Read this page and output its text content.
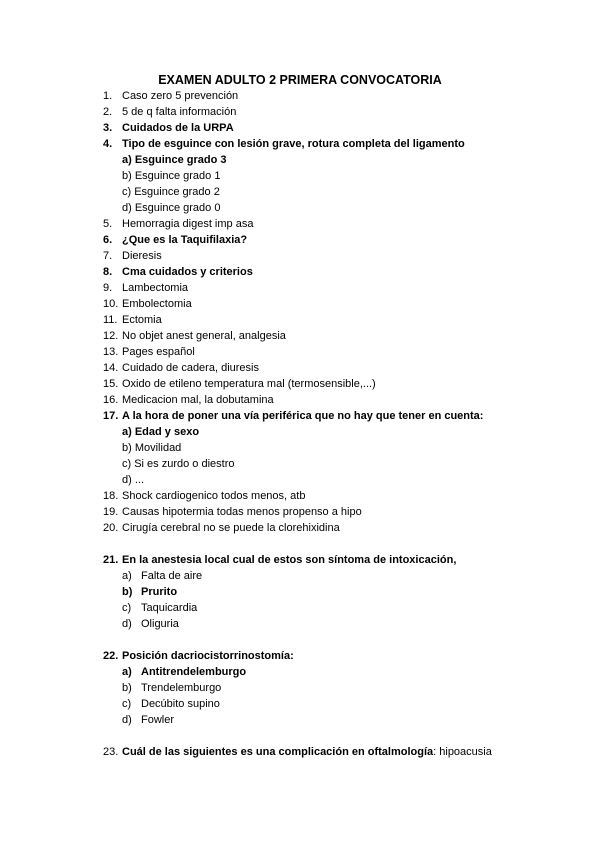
EXAMEN ADULTO 2 PRIMERA CONVOCATORIA
1. Caso zero 5 prevención
2. 5 de q falta información
3. Cuidados de la URPA
4. Tipo de esguince con lesión grave, rotura completa del ligamento
a) Esguince grado 3
b) Esguince grado 1
c) Esguince grado 2
d) Esguince grado 0
5. Hemorragia digest imp asa
6. ¿Que es la Taquifilaxia?
7. Dieresis
8. Cma cuidados y criterios
9. Lambectomia
10. Embolectomia
11. Ectomia
12. No objet anest general, analgesia
13. Pages español
14. Cuidado de cadera, diuresis
15. Oxido de etileno temperatura mal (termosensible,...)
16. Medicacion mal, la dobutamina
17. A la hora de poner una vía periférica que no hay que tener en cuenta:
a) Edad y sexo
b) Movilidad
c) Si es zurdo o diestro
d) ...
18. Shock cardiogenico todos menos, atb
19. Causas hipotermia todas menos propenso a hipo
20. Cirugía cerebral no se puede la clorehixidina
21. En la anestesia local cual de estos son síntoma de intoxicación,
a) Falta de aire
b) Prurito
c) Taquicardia
d) Oliguria
22. Posición dacriocistorrinostomía:
a) Antitrendelemburgo
b) Trendelemburgo
c) Decúbito supino
d) Fowler
23. Cuál de las siguientes es una complicación en oftalmología: hipoacusia
